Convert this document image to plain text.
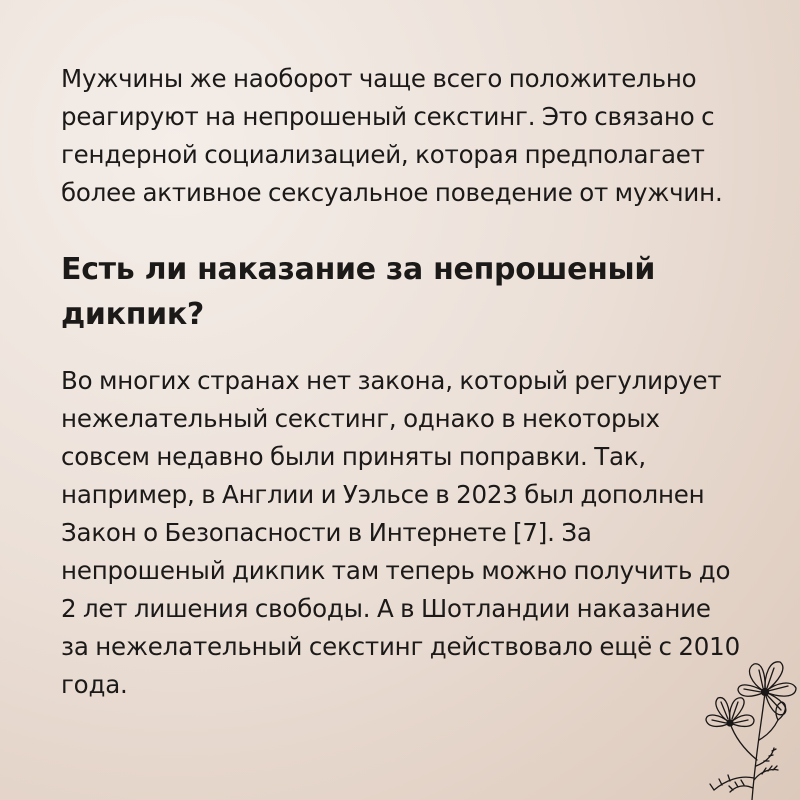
Мужчины же наоборот чаще всего положительно
реагируют на непрошеный секстинг. Это связано с
гендерной социализацией, которая предполагает
более активное сексуальное поведение от мужчин.

Есть ли наказание за непрошеный
дикпик?

Во многих странах нет закона, который регулирует
нежелательный секстинг, однако в некоторых
совсем недавно были приняты поправки. Так,
например, в Англии и Уэльсе в 2023 был дополнен
Закон о Безопасности в Интернете [7]. За
непрошеный дикпик там теперь можно получить до
2 лет лишения свободы. А в Шотландии наказание
за нежелательный секстинг действовало ещё с 2010
года.
